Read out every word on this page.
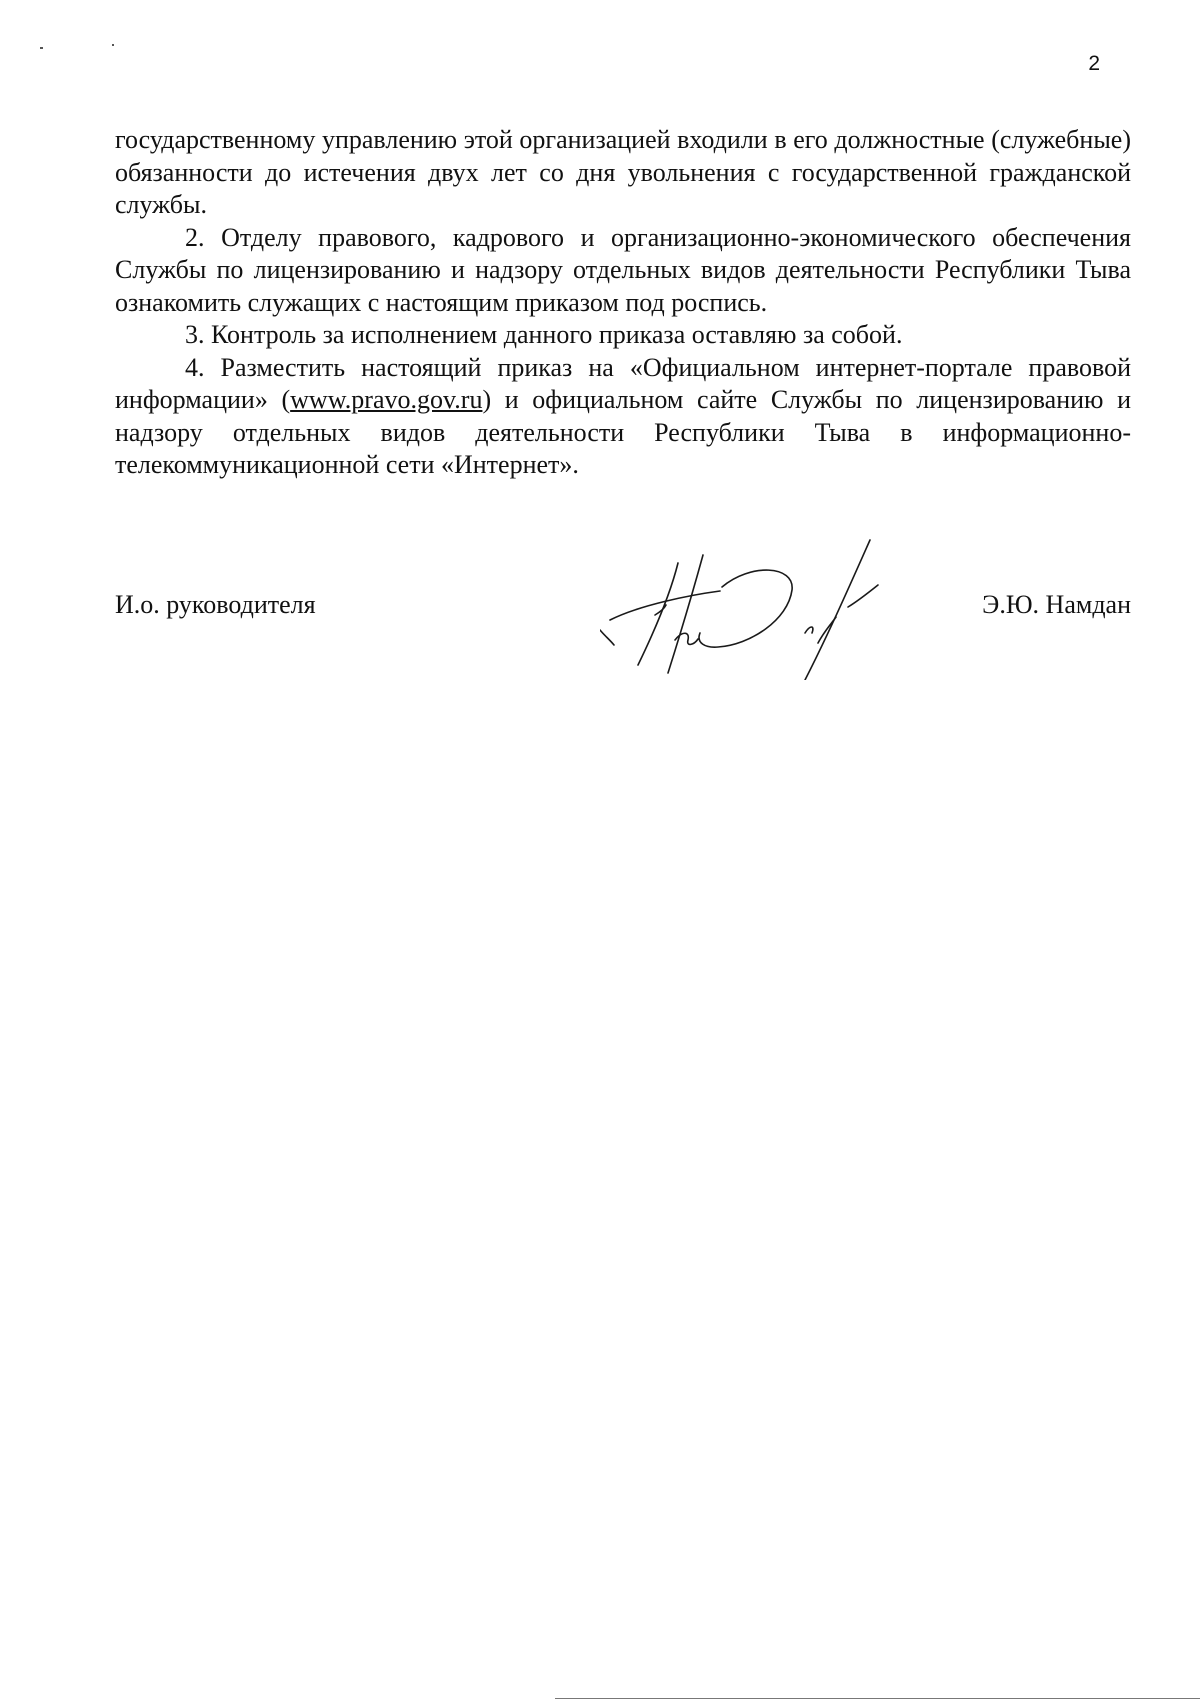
2

государственному управлению этой организацией входили в его должностные (служебные) обязанности до истечения двух лет со дня увольнения с государственной гражданской службы.

2. Отделу правового, кадрового и организационно-экономического обеспечения Службы по лицензированию и надзору отдельных видов деятельности Республики Тыва ознакомить служащих с настоящим приказом под роспись.

3. Контроль за исполнением данного приказа оставляю за собой.

4. Разместить настоящий приказ на «Официальном интернет-портале правовой информации» (www.pravo.gov.ru) и официальном сайте Службы по лицензированию и надзору отдельных видов деятельности Республики Тыва в информационно-телекоммуникационной сети «Интернет».

И.о. руководителя	Э.Ю. Намдан
